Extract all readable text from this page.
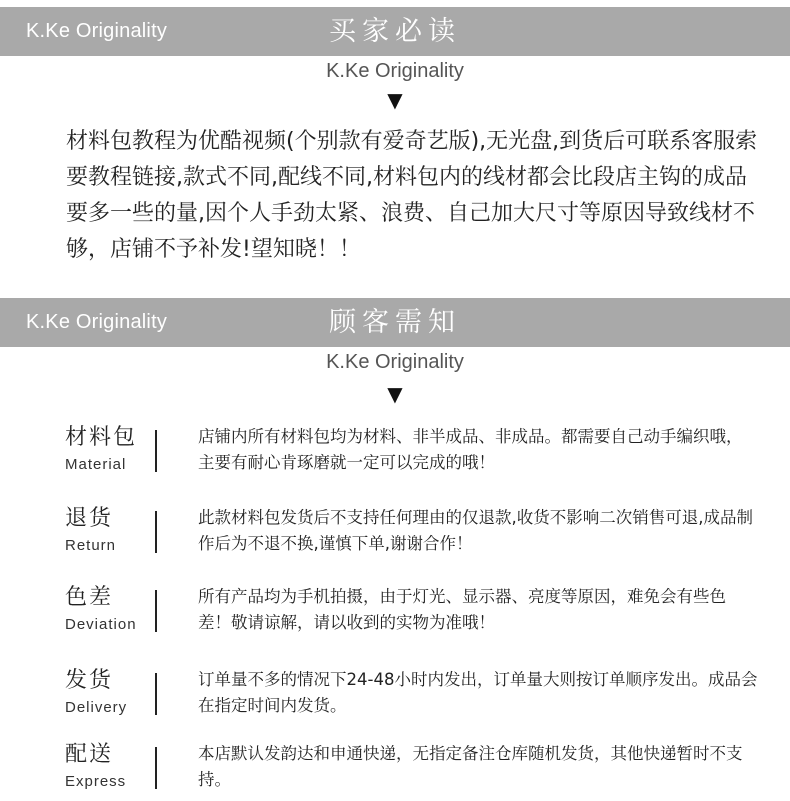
K.Ke Originality	买家必读
K.Ke Originality
▼

材料包教程为优酷视频(个别款有爱奇艺版),无光盘,到货后可联系客服索要教程链接,款式不同,配线不同,材料包内的线材都会比段店主钩的成品要多一些的量,因个人手劲太紧、浪费、自己加大尺寸等原因导致线材不够，店铺不予补发!望知晓！！

K.Ke Originality	顾客需知
K.Ke Originality
▼
材料包
Material

店铺内所有材料包均为材料、非半成品、非成品。都需要自己动手编织哦，主要有耐心肯琢磨就一定可以完成的哦！

退货
Return

此款材料包发货后不支持任何理由的仅退款,收货不影响二次销售可退,成品制作后为不退不换,谨慎下单,谢谢合作！

色差
Deviation

所有产品均为手机拍摄，由于灯光、显示器、亮度等原因，难免会有些色差！敬请谅解，请以收到的实物为准哦！

发货
Delivery

订单量不多的情况下24-48小时内发出，订单量大则按订单顺序发出。成品会在指定时间内发货。

配送
Express

本店默认发韵达和申通快递，无指定备注仓库随机发货，其他快递暂时不支持。
